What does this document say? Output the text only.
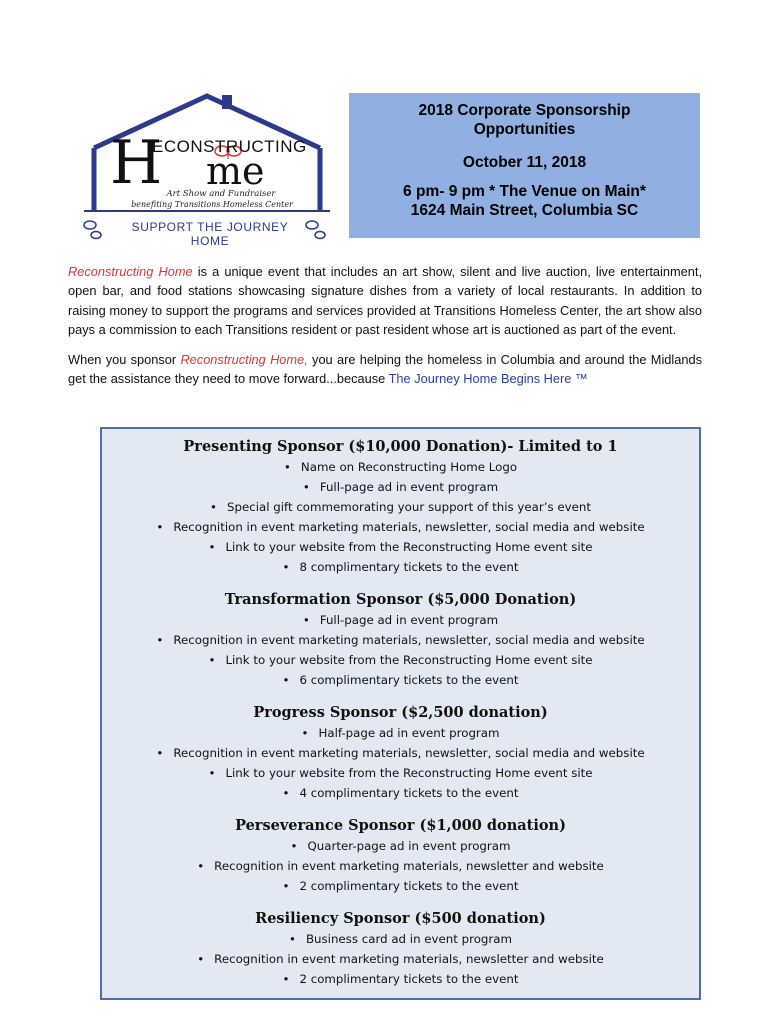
H
ECONSTRUCTING
me
Art Show and Fundraiser
benefiting Transitions Homeless Center
SUPPORT THE JOURNEY HOME

2018 Corporate Sponsorship

Opportunities

October 11, 2018

6 pm- 9 pm * The Venue on Main*

1624 Main Street, Columbia SC

Reconstructing Home is a unique event that includes an art show, silent and live auction, live entertainment, open bar, and food stations showcasing signature dishes from a variety of local restaurants. In addition to raising money to support the programs and services provided at Transitions Homeless Center, the art show also pays a commission to each Transitions resident or past resident whose art is auctioned as part of the event.

When you sponsor Reconstructing Home, you are helping the homeless in Columbia and around the Midlands get the assistance they need to move forward...because The Journey Home Begins Here ™

Presenting Sponsor ($10,000 Donation)- Limited to 1
• Name on Reconstructing Home Logo
• Full-page ad in event program
• Special gift commemorating your support of this year’s event
• Recognition in event marketing materials, newsletter, social media and website
• Link to your website from the Reconstructing Home event site
• 8 complimentary tickets to the event
Transformation Sponsor ($5,000 Donation)
• Full-page ad in event program
• Recognition in event marketing materials, newsletter, social media and website
• Link to your website from the Reconstructing Home event site
• 6 complimentary tickets to the event
Progress Sponsor ($2,500 donation)
• Half-page ad in event program
• Recognition in event marketing materials, newsletter, social media and website
• Link to your website from the Reconstructing Home event site
• 4 complimentary tickets to the event
Perseverance Sponsor ($1,000 donation)
• Quarter-page ad in event program
• Recognition in event marketing materials, newsletter and website
• 2 complimentary tickets to the event
Resiliency Sponsor ($500 donation)
• Business card ad in event program
• Recognition in event marketing materials, newsletter and website
• 2 complimentary tickets to the event
